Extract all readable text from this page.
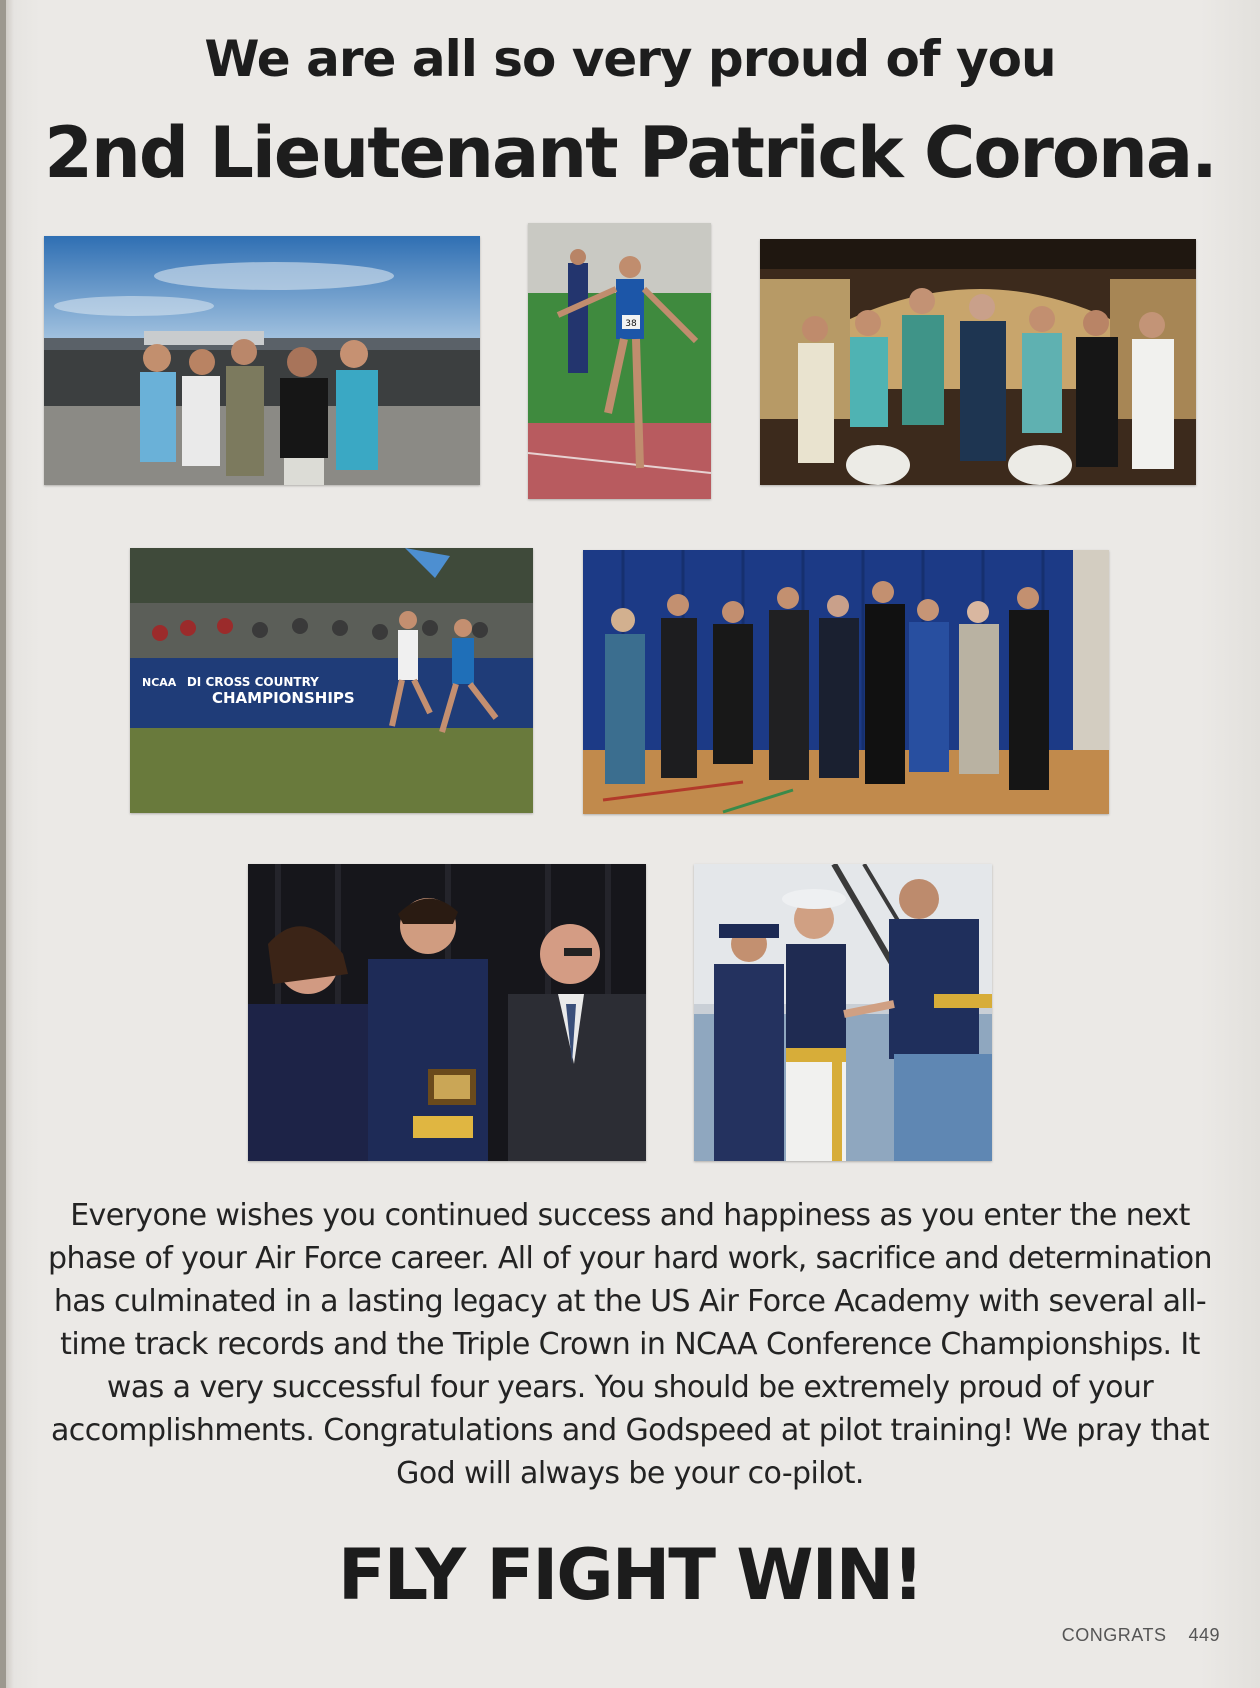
We are all so very proud of you
2nd Lieutenant Patrick Corona.
38
NCAA DI CROSS COUNTRY
CHAMPIONSHIPS

Everyone wishes you continued success and happiness as you enter the next phase of your Air Force career. All of your hard work, sacrifice and determination has culminated in a lasting legacy at the US Air Force Academy with several all-time track records and the Triple Crown in NCAA Conference Championships. It was a very successful four years. You should be extremely proud of your accomplishments. Congratulations and Godspeed at pilot training! We pray that God will always be your co-pilot.

FLY FIGHT WIN!

CONGRATS 449
